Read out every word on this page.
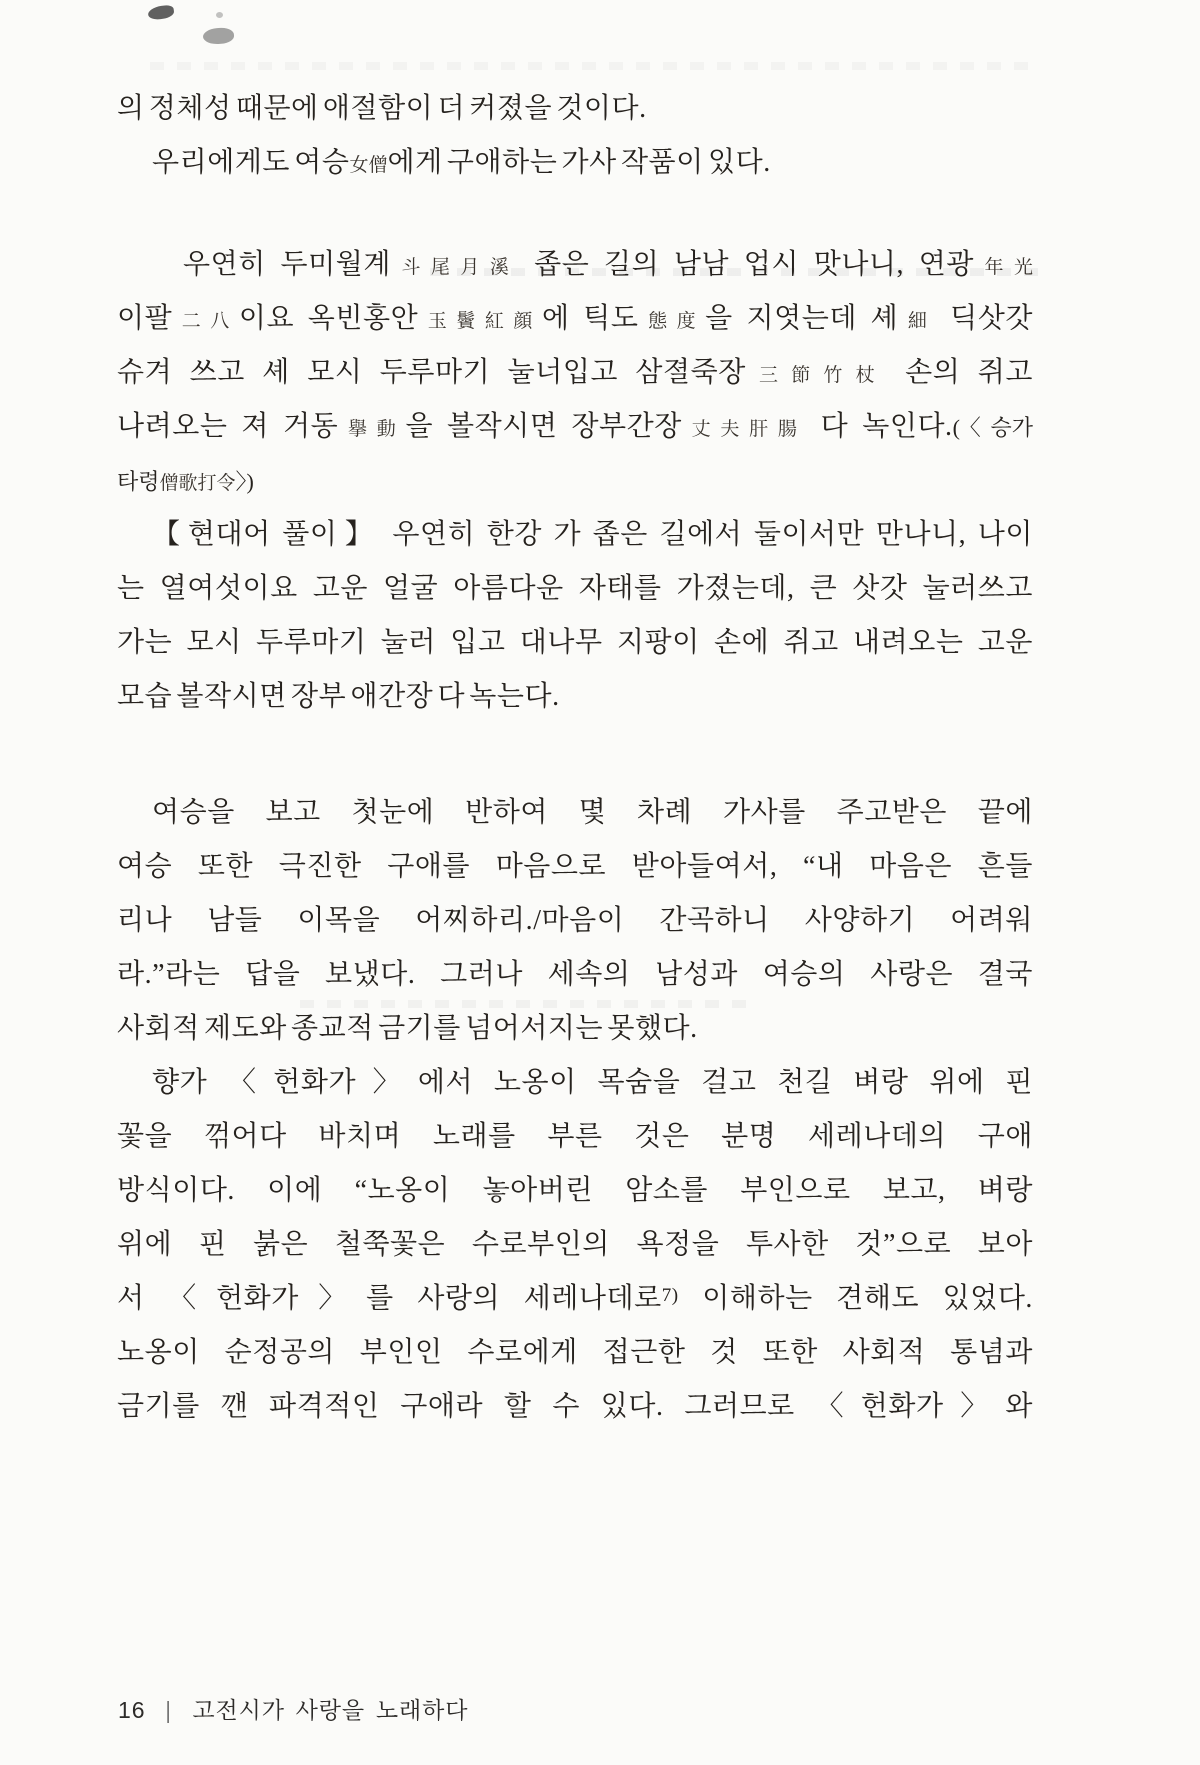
의 정체성 때문에 애절함이 더 커졌을 것이다.
우리에게도 여승女僧에게 구애하는 가사 작품이 있다.
우연히 두미월계斗尾月溪 좁은 길의 남남 업시 맛나니, 연광年光
이팔二八이요 옥빈홍안玉鬢紅顔에 틱도態度을 지엿는데 셰細 딕삿갓
슈겨 쓰고 셰 모시 두루마기 눌너입고 삼졀죽장三節竹杖 손의 쥐고
나려오는 져 거동擧動을 볼작시면 장부간장丈夫肝腸 다 녹인다.(〈승가
타령僧歌打令〉)
【현대어 풀이】 우연히 한강 가 좁은 길에서 둘이서만 만나니, 나이
는 열여섯이요 고운 얼굴 아름다운 자태를 가졌는데, 큰 삿갓 눌러쓰고
가는 모시 두루마기 눌러 입고 대나무 지팡이 손에 쥐고 내려오는 고운
모습 볼작시면 장부 애간장 다 녹는다.
여승을 보고 첫눈에 반하여 몇 차례 가사를 주고받은 끝에
여승 또한 극진한 구애를 마음으로 받아들여서, “내 마음은 흔들
리나 남들 이목을 어찌하리./마음이 간곡하니 사양하기 어려워
라.”라는 답을 보냈다. 그러나 세속의 남성과 여승의 사랑은 결국
사회적 제도와 종교적 금기를 넘어서지는 못했다.
향가 〈헌화가〉에서 노옹이 목숨을 걸고 천길 벼랑 위에 핀
꽃을 꺾어다 바치며 노래를 부른 것은 분명 세레나데의 구애
방식이다. 이에 “노옹이 놓아버린 암소를 부인으로 보고, 벼랑
위에 핀 붉은 철쭉꽃은 수로부인의 욕정을 투사한 것”으로 보아
서 〈헌화가〉를 사랑의 세레나데로$^{7)}$ 이해하는 견해도 있었다.
노옹이 순정공의 부인인 수로에게 접근한 것 또한 사회적 통념과
금기를 깬 파격적인 구애라 할 수 있다. 그러므로 〈헌화가〉와
16 | 고전시가 사랑을 노래하다
